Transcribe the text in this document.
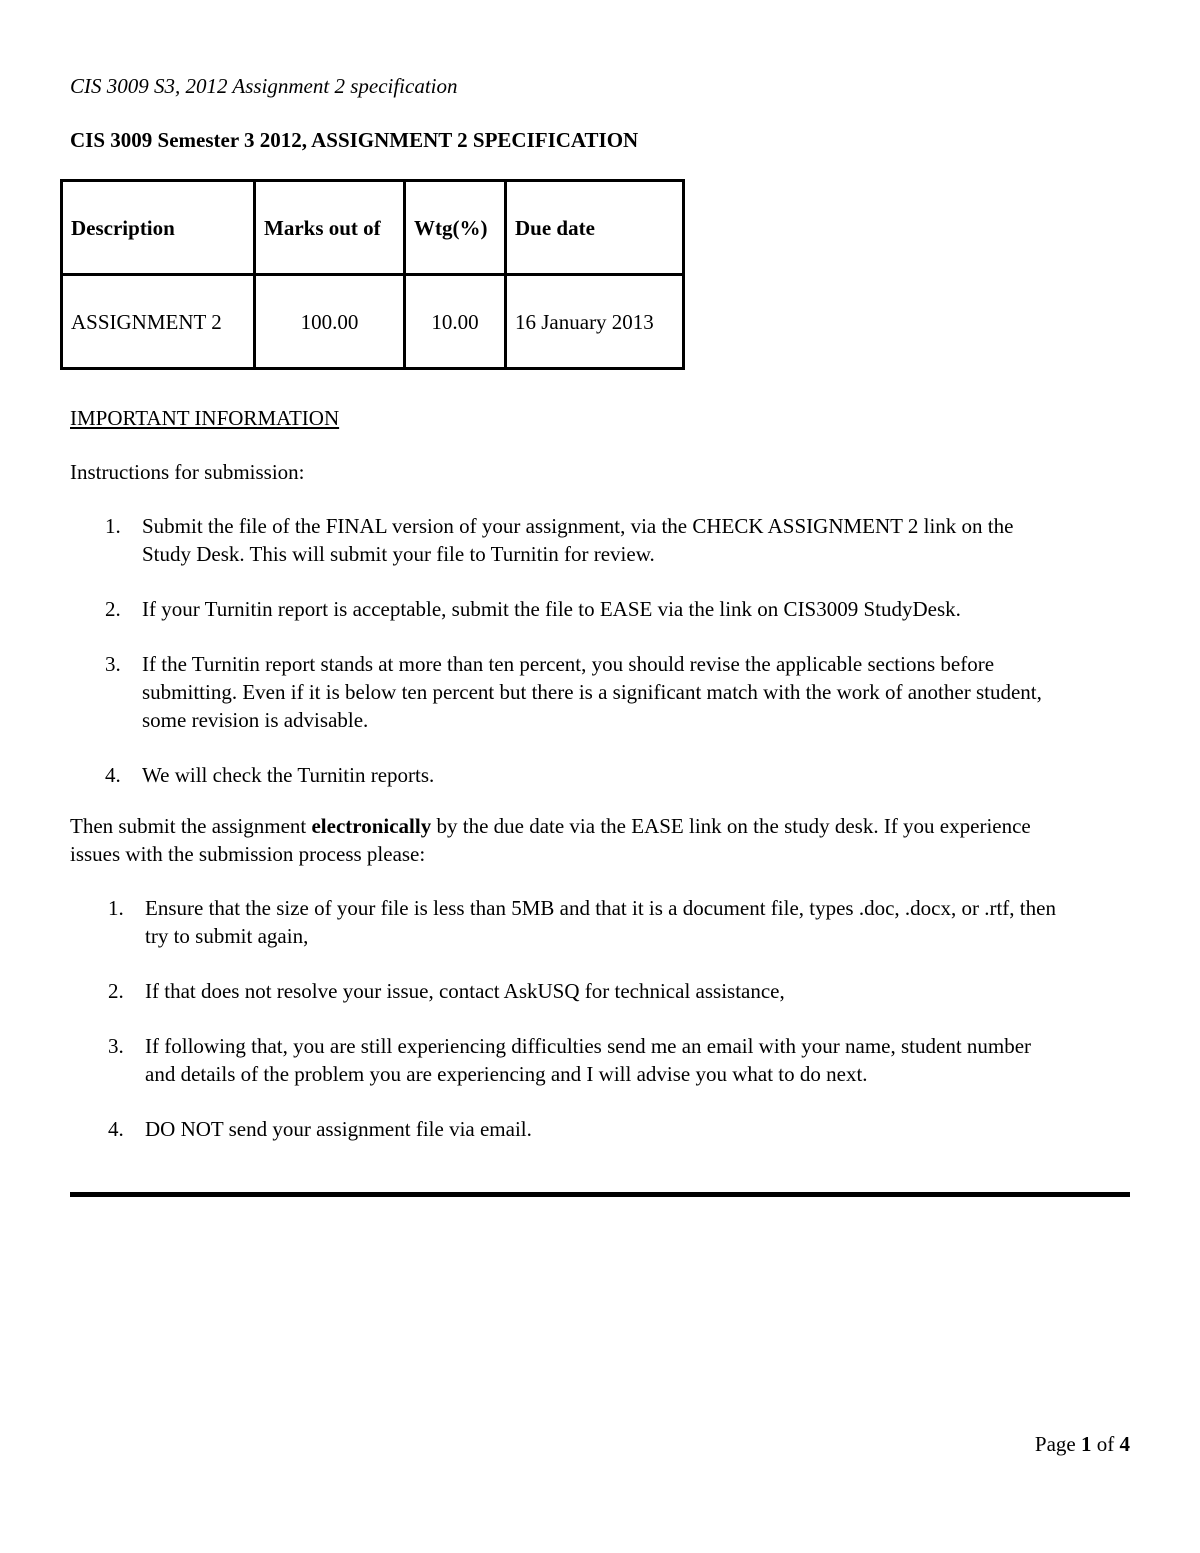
CIS 3009 S3, 2012 Assignment 2 specification
CIS 3009 Semester 3 2012, ASSIGNMENT 2 SPECIFICATION
Description	Marks out of	Wtg(%)	Due date
ASSIGNMENT 2	100.00	10.00	16 January 2013
IMPORTANT INFORMATION
Instructions for submission:
1. Submit the file of the FINAL version of your assignment, via the CHECK ASSIGNMENT 2 link on the Study Desk. This will submit your file to Turnitin for review.
2. If your Turnitin report is acceptable, submit the file to EASE via the link on CIS3009 StudyDesk.
3. If the Turnitin report stands at more than ten percent, you should revise the applicable sections before submitting. Even if it is below ten percent but there is a significant match with the work of another student, some revision is advisable.
4. We will check the Turnitin reports.
Then submit the assignment electronically by the due date via the EASE link on the study desk. If you experience issues with the submission process please:
1. Ensure that the size of your file is less than 5MB and that it is a document file, types .doc, .docx, or .rtf, then try to submit again,
2. If that does not resolve your issue, contact AskUSQ for technical assistance,
3. If following that, you are still experiencing difficulties send me an email with your name, student number and details of the problem you are experiencing and I will advise you what to do next.
4. DO NOT send your assignment file via email.
Page 1 of 4
